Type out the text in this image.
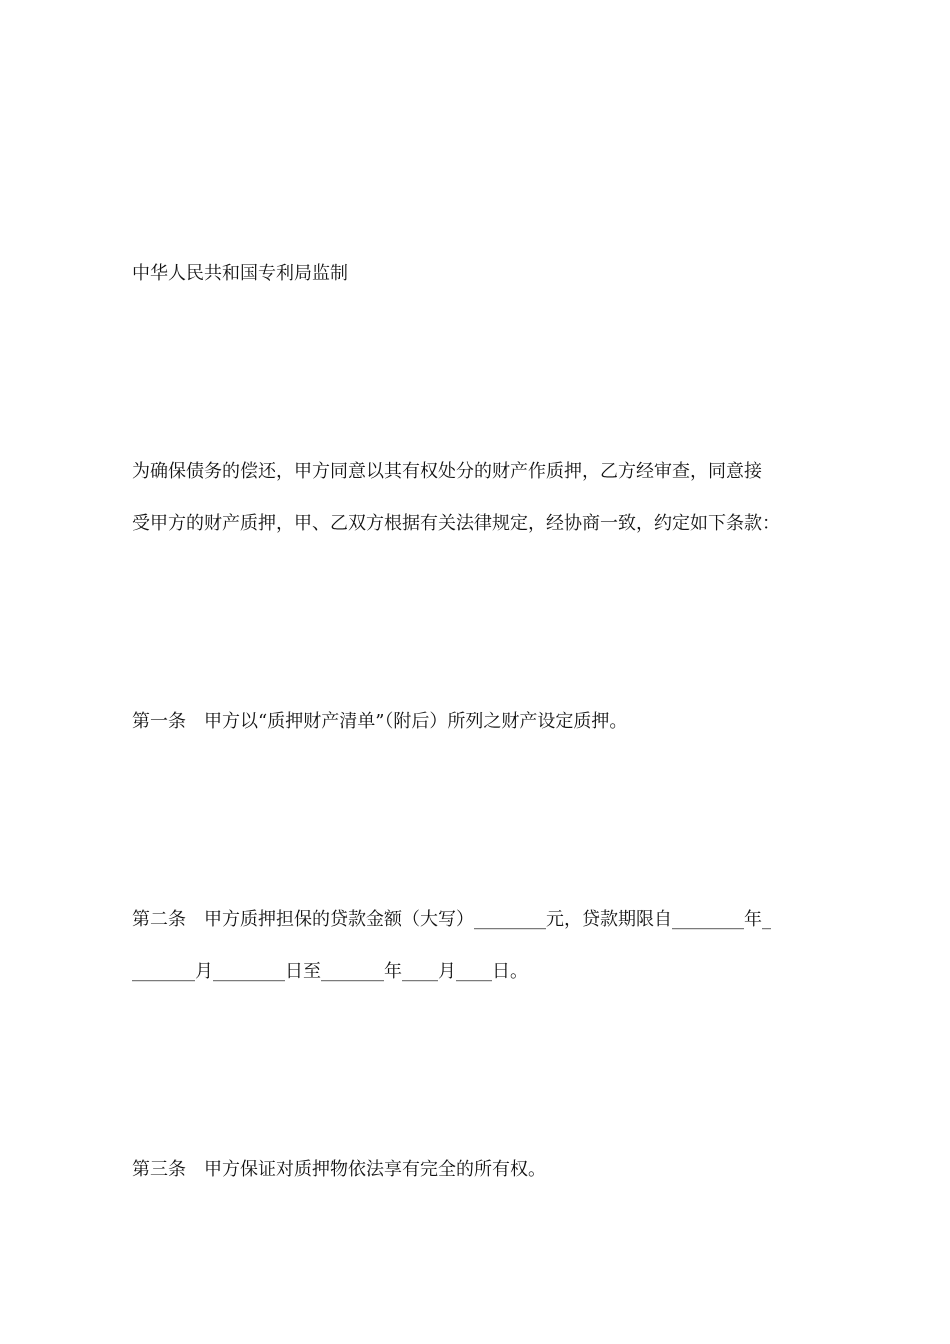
中华人民共和国专利局监制
为确保债务的偿还，甲方同意以其有权处分的财产作质押，乙方经审查，同意接
受甲方的财产质押，甲、乙双方根据有关法律规定，经协商一致，约定如下条款：
第一条　甲方以“质押财产清单”（附后）所列之财产设定质押。
第二条　甲方质押担保的贷款金额（大写）________元，贷款期限自________年_
_______月________日至_______年____月____日。
第三条　甲方保证对质押物依法享有完全的所有权。
